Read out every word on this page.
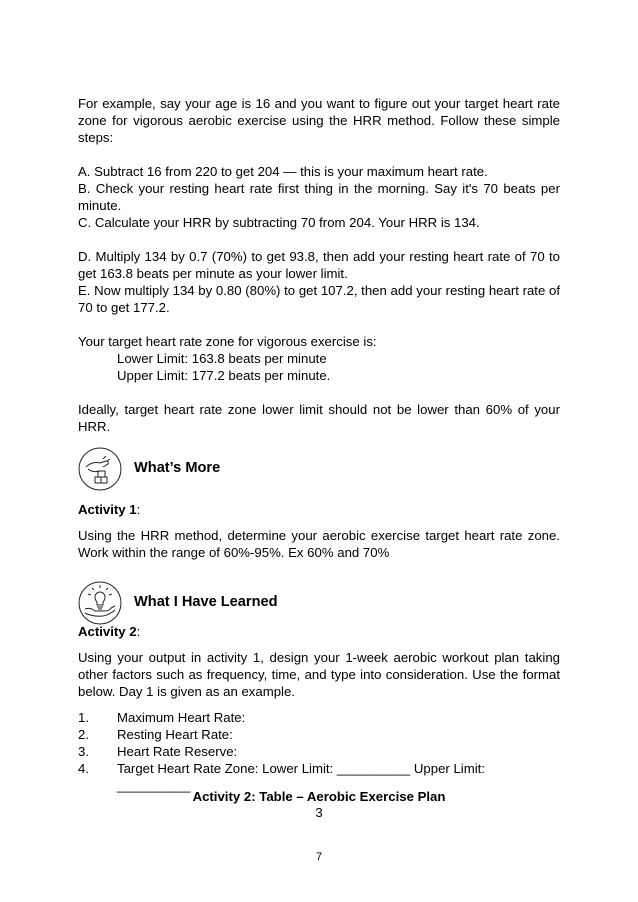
For example, say your age is 16 and you want to figure out your target heart rate zone for vigorous aerobic exercise using the HRR method. Follow these simple steps:

A. Subtract 16 from 220 to get 204 — this is your maximum heart rate.

B. Check your resting heart rate first thing in the morning. Say it's 70 beats per minute.

C. Calculate your HRR by subtracting 70 from 204. Your HRR is 134.

D. Multiply 134 by 0.7 (70%) to get 93.8, then add your resting heart rate of 70 to get 163.8 beats per minute as your lower limit.

E. Now multiply 134 by 0.80 (80%) to get 107.2, then add your resting heart rate of 70 to get 177.2.

Your target heart rate zone for vigorous exercise is:

Lower Limit: 163.8 beats per minute

Upper Limit: 177.2 beats per minute.

Ideally, target heart rate zone lower limit should not be lower than 60% of your HRR.

What’s More

Activity 1:

Using the HRR method, determine your aerobic exercise target heart rate zone. Work within the range of 60%-95%. Ex 60% and 70%

What I Have Learned

Activity 2:

Using your output in activity 1, design your 1-week aerobic workout plan taking other factors such as frequency, time, and type into consideration. Use the format below. Day 1 is given as an example.

1. Maximum Heart Rate:
2. Resting Heart Rate:
3. Heart Rate Reserve:
4. Target Heart Rate Zone: Lower Limit: __________ Upper Limit: __________
Activity 2: Table – Aerobic Exercise Plan
3
7
